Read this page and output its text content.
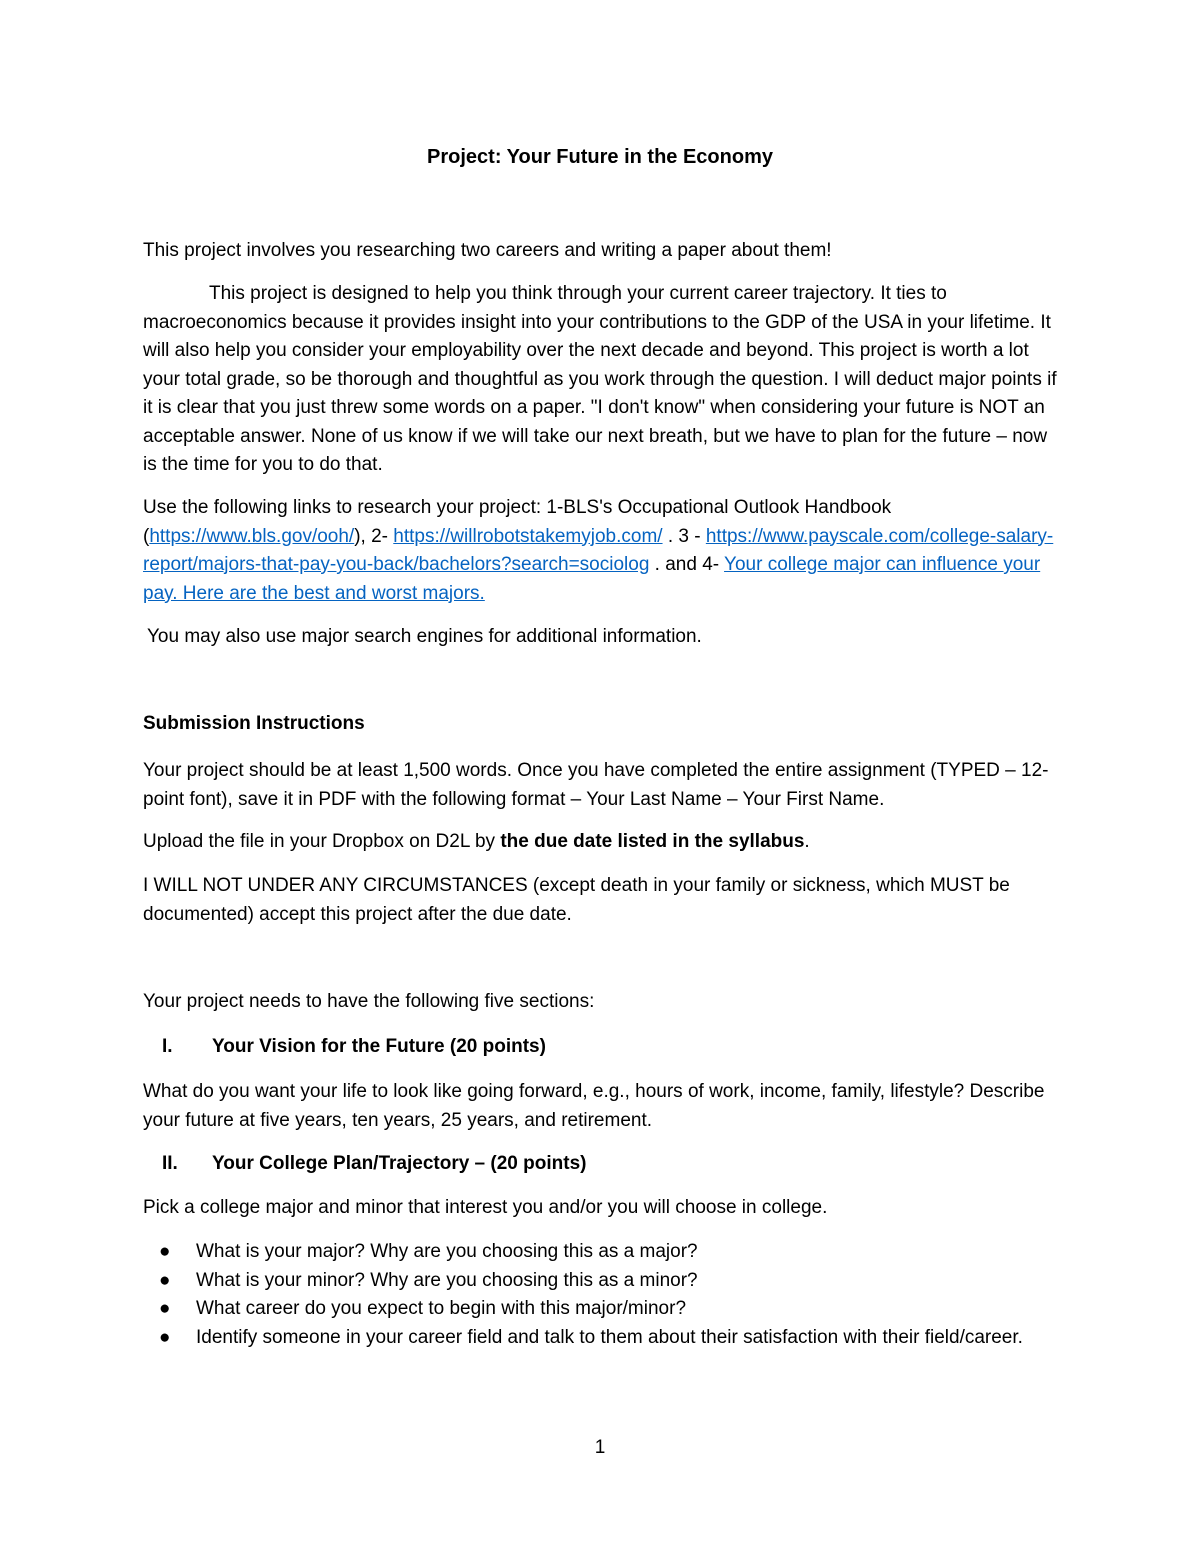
Project: Your Future in the Economy

This project involves you researching two careers and writing a paper about them!

This project is designed to help you think through your current career trajectory. It ties to macroeconomics because it provides insight into your contributions to the GDP of the USA in your lifetime. It will also help you consider your employability over the next decade and beyond. This project is worth a lot your total grade, so be thorough and thoughtful as you work through the question. I will deduct major points if it is clear that you just threw some words on a paper. "I don't know" when considering your future is NOT an acceptable answer. None of us know if we will take our next breath, but we have to plan for the future – now is the time for you to do that.

Use the following links to research your project: 1-BLS's Occupational Outlook Handbook (https://www.bls.gov/ooh/), 2- https://willrobotstakemyjob.com/ . 3 - https://www.payscale.com/college-salary-report/majors-that-pay-you-back/bachelors?search=sociolog . and 4- Your college major can influence your pay. Here are the best and worst majors.

You may also use major search engines for additional information.

Submission Instructions

Your project should be at least 1,500 words. Once you have completed the entire assignment (TYPED – 12-point font), save it in PDF with the following format – Your Last Name – Your First Name.

Upload the file in your Dropbox on D2L by the due date listed in the syllabus.

I WILL NOT UNDER ANY CIRCUMSTANCES (except death in your family or sickness, which MUST be documented) accept this project after the due date.

Your project needs to have the following five sections:

I.	Your Vision for the Future (20 points)

What do you want your life to look like going forward, e.g., hours of work, income, family, lifestyle? Describe your future at five years, ten years, 25 years, and retirement.

II.	Your College Plan/Trajectory – (20 points)

Pick a college major and minor that interest you and/or you will choose in college.

● What is your major? Why are you choosing this as a major?
● What is your minor? Why are you choosing this as a minor?
● What career do you expect to begin with this major/minor?
● Identify someone in your career field and talk to them about their satisfaction with their field/career.
1
